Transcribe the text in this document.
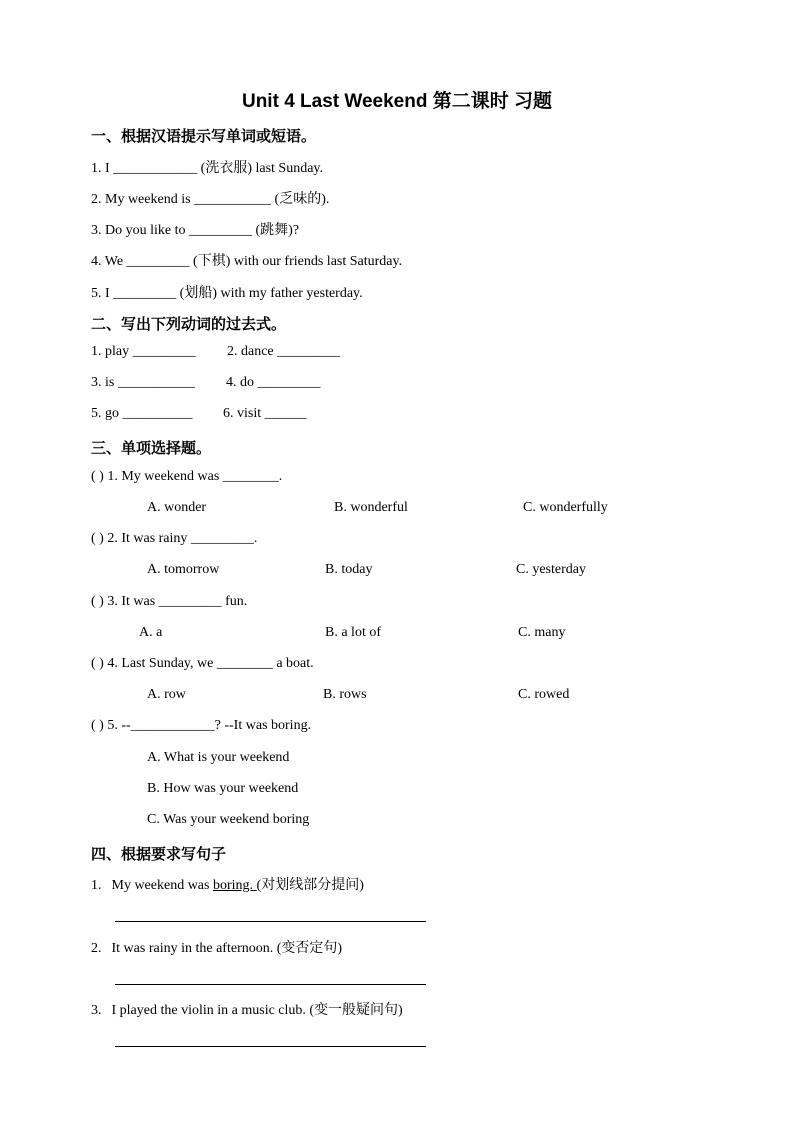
Unit 4 Last Weekend 第二课时 习题
一、根据汉语提示写单词或短语。
1. I ____________ (洗衣服) last Sunday.
2. My weekend is ___________ (乏味的).
3. Do you like to _________ (跳舞)?
4. We _________ (下棋) with our friends last Saturday.
5. I _________ (划船) with my father yesterday.
二、写出下列动词的过去式。
1. play _________ 2. dance _________
3. is ___________ 4. do _________
5. go __________ 6. visit ______
三、单项选择题。
( ) 1. My weekend was ________.
A. wonder	B. wonderful	C. wonderfully
( ) 2. It was rainy _________.
A. tomorrow	B. today	C. yesterday
( ) 3. It was _________ fun.
A. a	B. a lot of	C. many
( ) 4. Last Sunday, we ________ a boat.
A. row	B. rows	C. rowed
( ) 5. --____________? --It was boring.
A. What is your weekend
B. How was your weekend
C. Was your weekend boring
四、根据要求写句子
1. My weekend was boring. (对划线部分提问)
2. It was rainy in the afternoon. (变否定句)
3. I played the violin in a music club. (变一般疑问句)
